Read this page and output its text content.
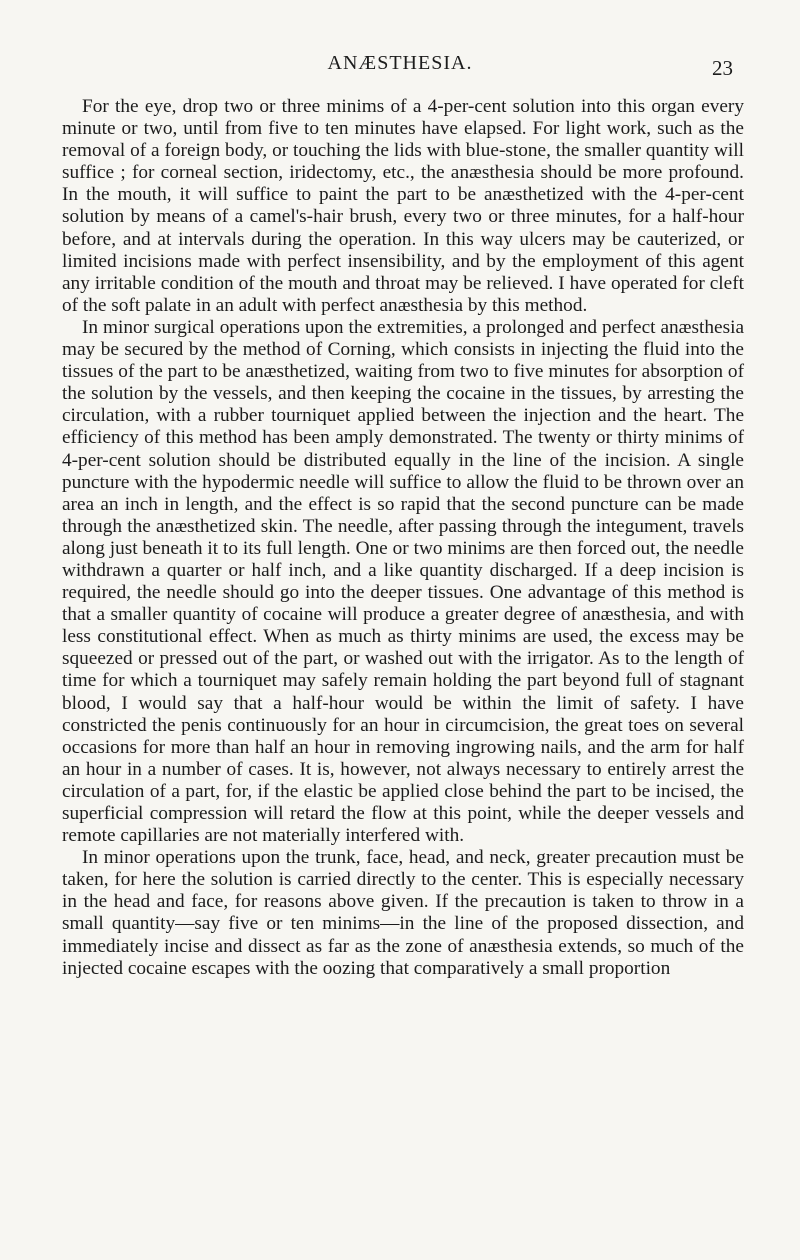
ANÆSTHESIA.	23

For the eye, drop two or three minims of a 4-per-cent solution into this organ every minute or two, until from five to ten minutes have elapsed. For light work, such as the removal of a foreign body, or touching the lids with blue-stone, the smaller quantity will suffice ; for corneal section, iridectomy, etc., the anæsthesia should be more profound. In the mouth, it will suffice to paint the part to be anæsthetized with the 4-per-cent solution by means of a camel's-hair brush, every two or three minutes, for a half-hour before, and at intervals during the operation. In this way ulcers may be cauterized, or limited incisions made with perfect insensibility, and by the employment of this agent any irritable condition of the mouth and throat may be relieved. I have operated for cleft of the soft palate in an adult with perfect anæsthesia by this method.

In minor surgical operations upon the extremities, a prolonged and perfect anæsthesia may be secured by the method of Corning, which consists in injecting the fluid into the tissues of the part to be anæsthetized, waiting from two to five minutes for absorption of the solution by the vessels, and then keeping the cocaine in the tissues, by arresting the circulation, with a rubber tourniquet applied between the injection and the heart. The efficiency of this method has been amply demonstrated. The twenty or thirty minims of 4-per-cent solution should be distributed equally in the line of the incision. A single puncture with the hypodermic needle will suffice to allow the fluid to be thrown over an area an inch in length, and the effect is so rapid that the second puncture can be made through the anæsthetized skin. The needle, after passing through the integument, travels along just beneath it to its full length. One or two minims are then forced out, the needle withdrawn a quarter or half inch, and a like quantity discharged. If a deep incision is required, the needle should go into the deeper tissues. One advantage of this method is that a smaller quantity of cocaine will produce a greater degree of anæsthesia, and with less constitutional effect. When as much as thirty minims are used, the excess may be squeezed or pressed out of the part, or washed out with the irrigator. As to the length of time for which a tourniquet may safely remain holding the part beyond full of stagnant blood, I would say that a half-hour would be within the limit of safety. I have constricted the penis continuously for an hour in circumcision, the great toes on several occasions for more than half an hour in removing ingrowing nails, and the arm for half an hour in a number of cases. It is, however, not always necessary to entirely arrest the circulation of a part, for, if the elastic be applied close behind the part to be incised, the superficial compression will retard the flow at this point, while the deeper vessels and remote capillaries are not materially interfered with.

In minor operations upon the trunk, face, head, and neck, greater precaution must be taken, for here the solution is carried directly to the center. This is especially necessary in the head and face, for reasons above given. If the precaution is taken to throw in a small quantity—say five or ten minims—in the line of the proposed dissection, and immediately incise and dissect as far as the zone of anæsthesia extends, so much of the injected cocaine escapes with the oozing that comparatively a small proportion
